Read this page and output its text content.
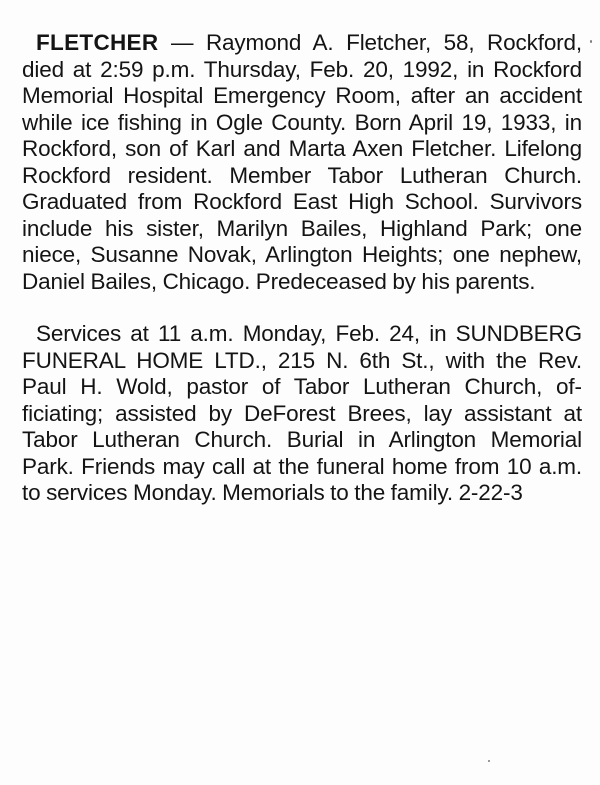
FLETCHER — Raymond A. Fletcher, 58, Rockford, died at 2:59 p.m. Thursday, Feb. 20, 1992, in Rockford Memorial Hospital Emergency Room, after an accident while ice fishing in Ogle County. Born April 19, 1933, in Rockford, son of Karl and Marta Axen Fletcher. Lifelong Rockford resident. Member Tabor Lutheran Church. Graduated from Rockford East High School. Survivors include his sister, Marilyn Bailes, Highland Park; one niece, Susanne Novak, Arlington Heights; one nephew, Daniel Bailes, Chicago. Predeceased by his parents.

Services at 11 a.m. Monday, Feb. 24, in SUNDBERG FUNERAL HOME LTD., 215 N. 6th St., with the Rev. Paul H. Wold, pastor of Tabor Lutheran Church, officiating; assisted by DeForest Brees, lay assistant at Tabor Lutheran Church. Burial in Arlington Memorial Park. Friends may call at the funeral home from 10 a.m. to services Monday. Memorials to the family. 2-22-3
